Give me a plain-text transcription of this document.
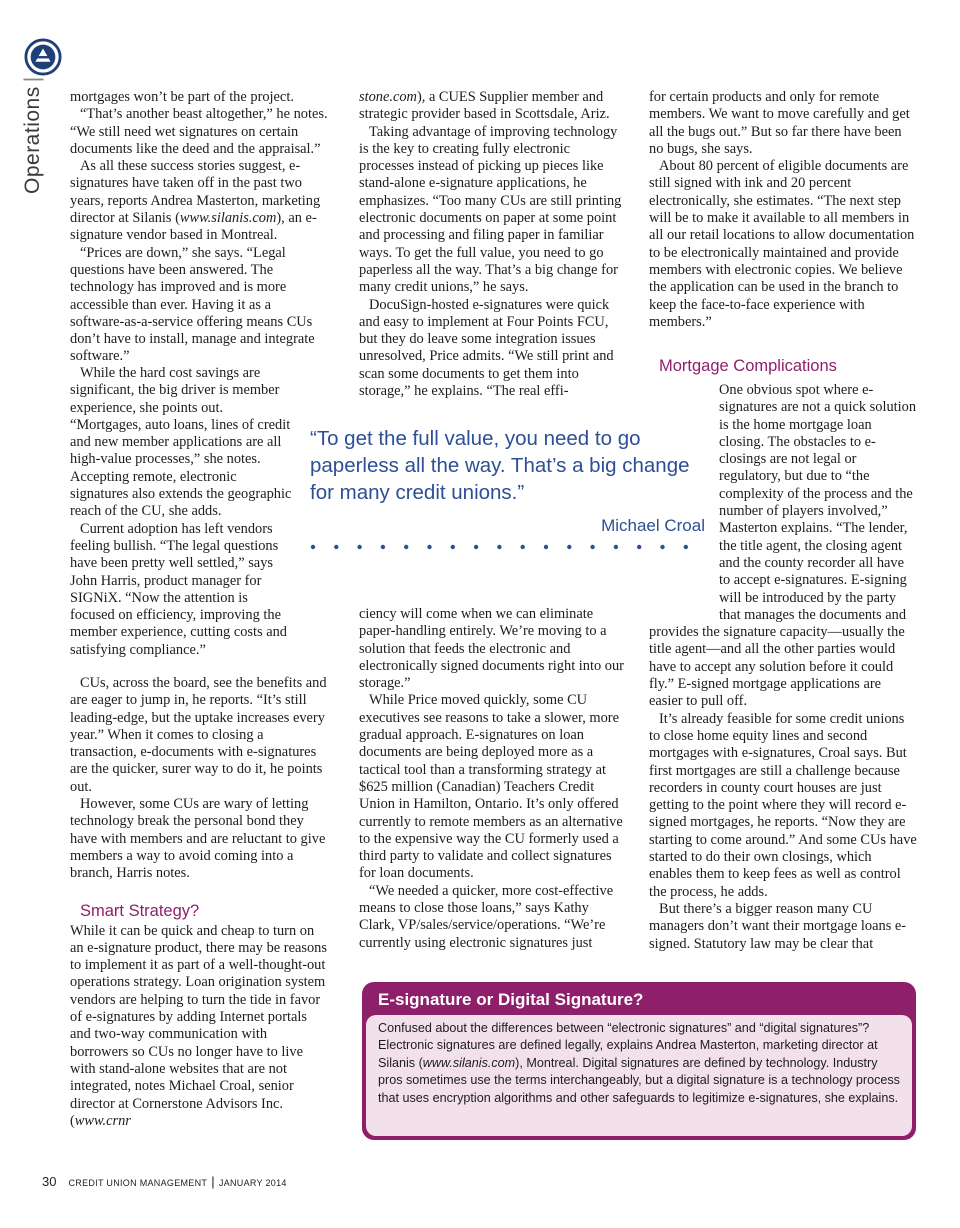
Operations|

mortgages won’t be part of the project.

“That’s another beast altogether,” he notes. “We still need wet signatures on certain documents like the deed and the appraisal.”

As all these success stories suggest, e-signatures have taken off in the past two years, reports Andrea Masterton, marketing director at Silanis (www.silanis.com), an e-signature vendor based in Montreal.

“Prices are down,” she says. “Legal questions have been answered. The technology has improved and is more accessible than ever. Having it as a software-as-a-service offering means CUs don’t have to install, manage and integrate software.”

While the hard cost savings are significant, the big driver is member experience, she points out. “Mortgages, auto loans, lines of credit and new member applications are all high-value processes,” she notes. Accepting remote, electronic signatures also extends the geographic reach of the CU, she adds.

Current adoption has left vendors feeling bullish. “The legal questions have been pretty well settled,” says John Harris, product manager for SIGNiX. “Now the attention is focused on efficiency, improving the member experience, cutting costs and satisfying compliance.”

CUs, across the board, see the benefits and are eager to jump in, he reports. “It’s still leading-edge, but the uptake increases every year.” When it comes to closing a transaction, e-documents with e-signatures are the quicker, surer way to do it, he points out.

However, some CUs are wary of letting technology break the personal bond they have with members and are reluctant to give members a way to avoid coming into a branch, Harris notes.

Smart Strategy?

While it can be quick and cheap to turn on an e-signature product, there may be reasons to implement it as part of a well-thought-out operations strategy. Loan origination system vendors are helping to turn the tide in favor of e-signatures by adding Internet portals and two-way communication with borrowers so CUs no longer have to live with stand-alone websites that are not integrated, notes Michael Croal, senior director at Cornerstone Advisors Inc. (www.crnr

stone.com), a CUES Supplier member and strategic provider based in Scottsdale, Ariz.

Taking advantage of improving technology is the key to creating fully electronic processes instead of picking up pieces like stand-alone e-signature applications, he emphasizes. “Too many CUs are still printing electronic documents on paper at some point and processing and filing paper in familiar ways. To get the full value, you need to go paperless all the way. That’s a big change for many credit unions,” he says.

DocuSign-hosted e-signatures were quick and easy to implement at Four Points FCU, but they do leave some integration issues unresolved, Price admits. “We still print and scan some documents to get them into storage,” he explains. “The real effi-

“To get the full value, you need to go paperless all the way. That’s a big change for many credit unions.”

Michael Croal

ciency will come when we can eliminate paper-handling entirely. We’re moving to a solution that feeds the electronic and electronically signed documents right into our storage.”

While Price moved quickly, some CU executives see reasons to take a slower, more gradual approach. E-signatures on loan documents are being deployed more as a tactical tool than a transforming strategy at $625 million (Canadian) Teachers Credit Union in Hamilton, Ontario. It’s only offered currently to remote members as an alternative to the expensive way the CU formerly used a third party to validate and collect signatures for loan documents.

“We needed a quicker, more cost-effective means to close those loans,” says Kathy Clark, VP/sales/service/operations. “We’re currently using electronic signatures just

for certain products and only for remote members. We want to move carefully and get all the bugs out.” But so far there have been no bugs, she says.

About 80 percent of eligible documents are still signed with ink and 20 percent electronically, she estimates. “The next step will be to make it available to all members in all our retail locations to allow documentation to be electronically maintained and provide members with electronic copies. We believe the application can be used in the branch to keep the face-to-face experience with members.”

Mortgage Complications

One obvious spot where e-signatures are not a quick solution is the home mortgage loan closing. The obstacles to e-closings are not legal or regulatory, but due to “the complexity of the process and the number of players involved,” Masterton explains. “The lender, the title agent, the closing agent and the county recorder all have to accept e-signatures. E-signing will be introduced by the party that manages the documents and provides the signature capacity—usually the title agent—and all the other parties would have to accept any solution before it could fly.” E-signed mortgage applications are easier to pull off.

It’s already feasible for some credit unions to close home equity lines and second mortgages with e-signatures, Croal says. But first mortgages are still a challenge because recorders in county court houses are just getting to the point where they will record e-signed mortgages, he reports. “Now they are starting to come around.” And some CUs have started to do their own closings, which enables them to keep fees as well as control the process, he adds.

But there’s a bigger reason many CU managers don’t want their mortgage loans e-signed. Statutory law may be clear that

E-signature or Digital Signature?
Confused about the differences between “electronic signatures” and “digital signatures”? Electronic signatures are defined legally, explains Andrea Masterton, marketing director at Silanis (www.silanis.com), Montreal. Digital signatures are defined by technology. Industry pros sometimes use the terms interchangeably, but a digital signature is a technology process that uses encryption algorithms and other safeguards to legitimize e-signatures, she explains.
30 CREDIT UNION MANAGEMENT | JANUARY 2014
